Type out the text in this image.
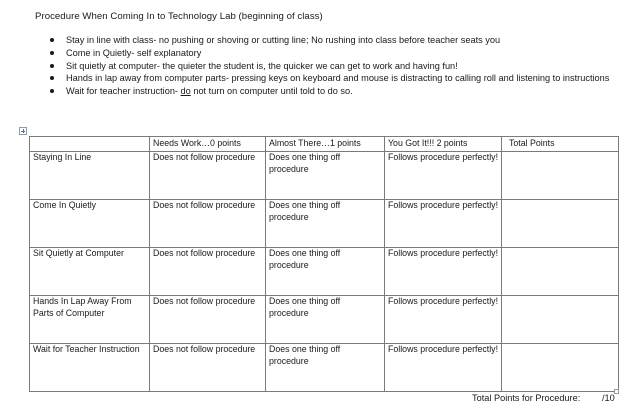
Procedure When Coming In to Technology Lab (beginning of class)
Stay in line with class- no pushing or shoving or cutting line; No rushing into class before teacher seats you
Come in Quietly- self explanatory
Sit quietly at computer- the quieter the student is, the quicker we can get to work and having fun!
Hands in lap away from computer parts- pressing keys on keyboard and mouse is distracting to calling roll and listening to instructions
Wait for teacher instruction- do not turn on computer until told to do so.
	Needs Work…0 points	Almost There…1 points	You Got It!!! 2 points	Total Points
Staying In Line	Does not follow procedure	Does one thing off procedure	Follows procedure perfectly!	
Come In Quietly	Does not follow procedure	Does one thing off procedure	Follows procedure perfectly!	
Sit Quietly at Computer	Does not follow procedure	Does one thing off procedure	Follows procedure perfectly!	
Hands In Lap Away From Parts of Computer	Does not follow procedure	Does one thing off procedure	Follows procedure perfectly!	
Wait for Teacher Instruction	Does not follow procedure	Does one thing off procedure	Follows procedure perfectly!	
Total Points for Procedure: /10
